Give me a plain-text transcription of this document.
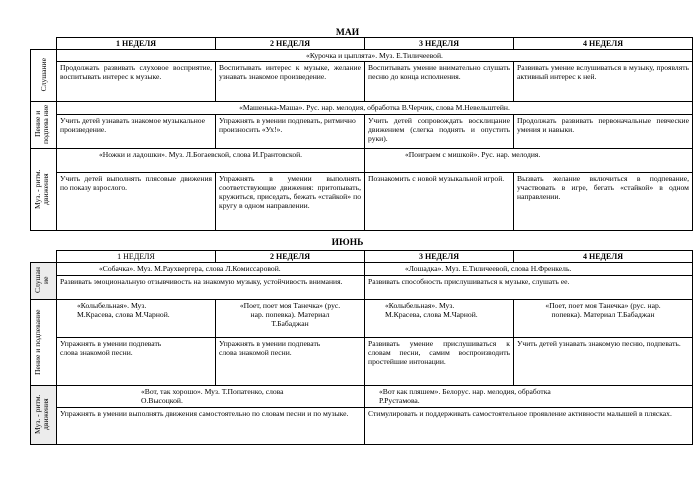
МАИ
	1 НЕДЕЛЯ	2 НЕДЕЛЯ	3 НЕДЕЛЯ	4 НЕДЕЛЯ
Слушание	«Курочка и цыплята». Муз. Е.Тиличеевой.			
	Продолжать развивать слуховое восприятие, воспитывать интерес к музыке.	Воспитывать интерес к музыке, желание узнавать знакомое произведение.	Воспитывать умение внимательно слушать песню до конца исполнения.	Развивать умение вслушиваться в музыку, проявлять активный интерес к ней.
Пение и подпева ние	«Машенька-Маша». Рус. нар. мелодия, обработка В.Черчик, слова М.Невельштейн.			
	Учить детей узнавать знакомое музыкальное произведение.	Упражнять в умении подпевать, ритмично произносить «Ух!».	Учить детей сопровождать восклицание движением (слегка поднять и опустить руки).	Продолжать развивать первоначальные певческие умения и навыки.
Муз. - ритм. движения	«Ножки и ладошки». Муз. Л.Богаевской, слова И.Грантовской.		«Поиграем с мишкой». Рус. нар. мелодия.	
	Учить детей выполнять плясовые движения по показу взрослого.	Упражнять в умении выполнять соответствующие движения: притопывать, кружиться, приседать, бежать «стайкой» по кругу в одном направлении.	Познакомить с новой музыкальной игрой.	Вызвать желание включиться в подпевание, участвовать в игре, бегать «стайкой» в одном направлении.
ИЮНЬ
	1 НЕДЕЛЯ	2 НЕДЕЛЯ	3 НЕДЕЛЯ	4 НЕДЕЛЯ
Слушан ие	«Собачка». Муз. М.Раухвергера, слова Л.Комиссаровой.		«Лошадка». Муз. Е.Тиличеевой, слова Н.Френкель.	
	Развивать эмоциональную отзывчивость на знакомую музыку, устойчивость внимания.		Развивать способность прислушиваться к музыке, слушать ее.	
Пение и подпевание	«Колыбельная». Муз. М.Красева, слова М.Чарной.	«Поет, поет моя Танечка» (рус. нар. попевка). Материал Т.Бабаджан	«Колыбельная». Муз. М.Красева, слова М.Чарной.	«Поет, поет моя Танечка» (рус. нар. попевка). Материал Т.Бабаджан
	Упражнять в умении подпевать слова знакомой песни.	Упражнять в умении подпевать слова знакомой песни.	Развивать умение прислушиваться к словам песни, самим воспроизводить простейшие интонации.	Учить детей узнавать знакомую песню, подпевать.
Муз. - ритм. движения	«Вот, так хорошо». Муз. Т.Попатенко, слова О.Высоцкой.		«Вот как пляшем». Белорус. нар. мелодия, обработка Р.Рустамова.	
	Упражнять в умении выполнять движения самостоятельно по словам песни и по музыке.		Стимулировать и поддерживать самостоятельное проявление активности малышей в плясках.	
